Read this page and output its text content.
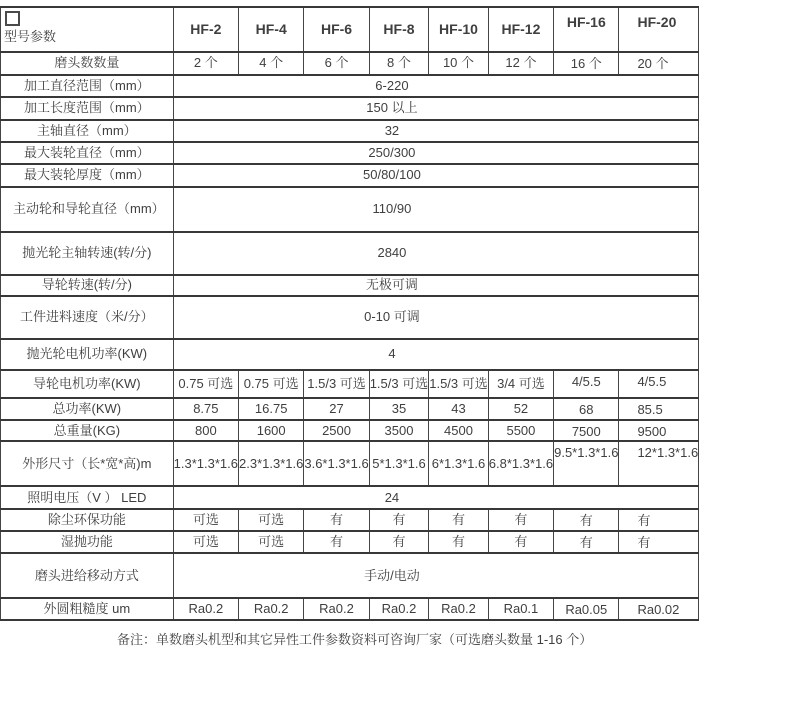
型号参数	HF-2	HF-4	HF-6	HF-8	HF-10	HF-12	HF-16	HF-20
磨头数数量	2 个	4 个	6 个	8 个	10 个	12 个	16 个	20 个
加工直径范围（mm）	6-220							
加工长度范围（mm）	150 以上							
主轴直径（mm）	32							
最大装轮直径（mm）	250/300							
最大装轮厚度（mm）	50/80/100							
主动轮和导轮直径（mm）	110/90							
抛光轮主轴转速(转/分)	2840							
导轮转速(转/分)	无极可调							
工件进料速度（米/分）	0-10 可调							
抛光轮电机功率(KW)	4							
导轮电机功率(KW)	0.75 可选	0.75 可选	1.5/3 可选	1.5/3 可选	1.5/3 可选	3/4 可选	4/5.5	4/5.5
总功率(KW)	8.75	16.75	27	35	43	52	68	85.5
总重量(KG)	800	1600	2500	3500	4500	5500	7500	9500
外形尺寸（长*宽*高)m	1.3*1.3*1.6	2.3*1.3*1.6	3.6*1.3*1.6	5*1.3*1.6	6*1.3*1.6	6.8*1.3*1.6	9.5*1.3*1.6	12*1.3*1.6
照明电压（V ） LED	24							
除尘环保功能	可选	可选	有	有	有	有	有	有
湿抛功能	可选	可选	有	有	有	有	有	有
磨头进给移动方式	手动/电动							
外圆粗糙度 um	Ra0.2	Ra0.2	Ra0.2	Ra0.2	Ra0.2	Ra0.1	Ra0.05	Ra0.02
备注：单数磨头机型和其它异性工件参数资料可咨询厂家（可选磨头数量 1-16 个）
